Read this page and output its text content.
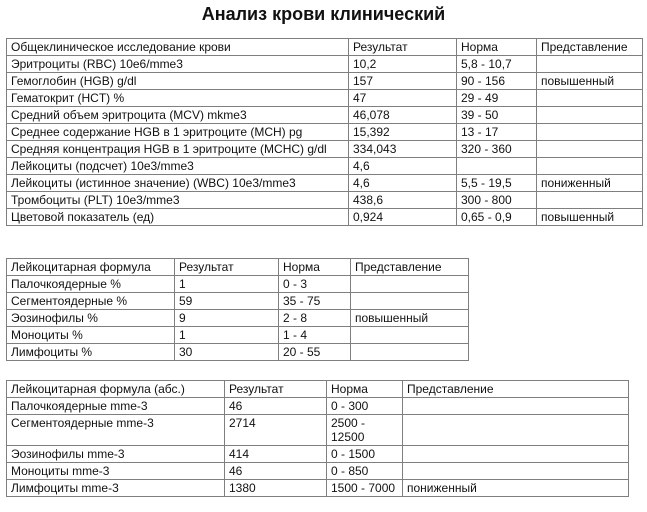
Анализ крови клинический
Общеклиническое исследование крови	Результат	Норма	Представление
Эритроциты (RBC) 10e6/mme3	10,2	5,8 - 10,7	
Гемоглобин (HGB) g/dl	157	90 - 156	повышенный
Гематокрит (HCT) %	47	29 - 49	
Средний объем эритроцита (MCV) mkme3	46,078	39 - 50	
Среднее содержание HGB в 1 эритроците (MCH) pg	15,392	13 - 17	
Средняя концентрация HGB в 1 эритроците (MCHC) g/dl	334,043	320 - 360	
Лейкоциты (подсчет) 10e3/mme3	4,6		
Лейкоциты (истинное значение) (WBC) 10e3/mme3	4,6	5,5 - 19,5	пониженный
Тромбоциты (PLT) 10e3/mme3	438,6	300 - 800	
Цветовой показатель (ед)	0,924	0,65 - 0,9	повышенный
Лейкоцитарная формула	Результат	Норма	Представление
Палочкоядерные %	1	0 - 3	
Сегментоядерные %	59	35 - 75	
Эозинофилы %	9	2 - 8	повышенный
Моноциты %	1	1 - 4	
Лимфоциты %	30	20 - 55	
Лейкоцитарная формула (абс.)	Результат	Норма	Представление
Палочкоядерные mme-3	46	0 - 300	
Сегментоядерные mme-3	2714	2500 - 12500	
Эозинофилы mme-3	414	0 - 1500	
Моноциты mme-3	46	0 - 850	
Лимфоциты mme-3	1380	1500 - 7000	пониженный
